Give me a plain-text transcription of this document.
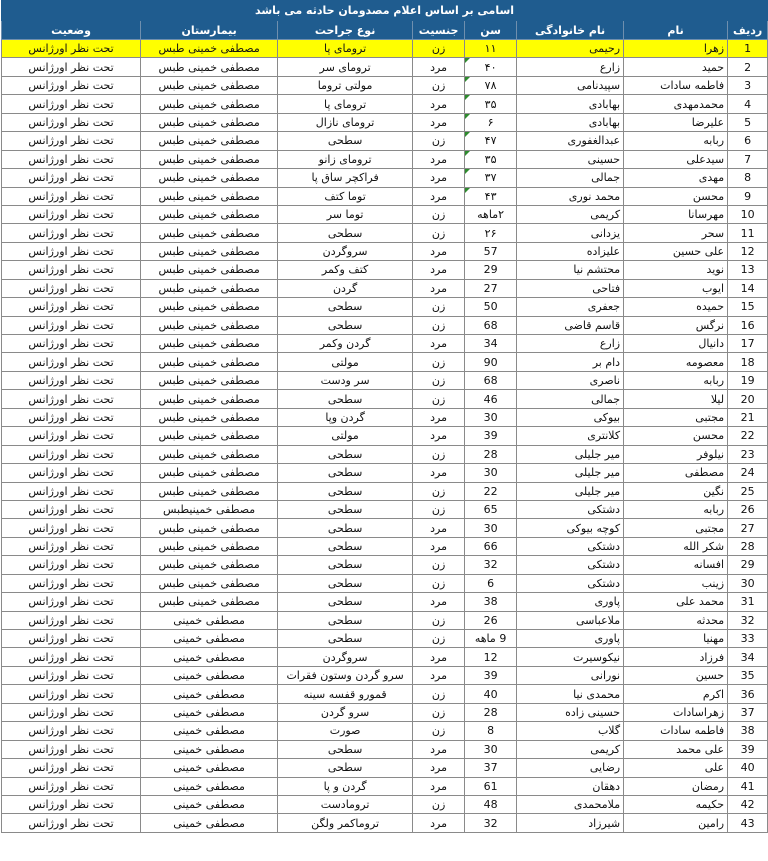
اسامی بر اساس اعلام مصدومان حادثه می باشد							
ردیف	نام	نام خانوادگی	سن	جنسیت	نوع جراحت	بیمارستان	وضعیت
1	زهرا	رحیمی	۱۱	زن	ترومای پا	مصطفی خمینی طبس	تحت نظر اورژانس
2	حمید	زارع	۴۰	مرد	ترومای سر	مصطفی خمینی طبس	تحت نظر اورژانس
3	فاطمه سادات	سپیدنامی	۷۸	زن	مولتی تروما	مصطفی خمینی طبس	تحت نظر اورژانس
4	محمدمهدی	بهابادی	۳۵	مرد	ترومای پا	مصطفی خمینی طبس	تحت نظر اورژانس
5	علیرضا	بهابادی	۶	مرد	ترومای نازال	مصطفی خمینی طبس	تحت نظر اورژانس
6	ربابه	عبدالغفوری	۴۷	زن	سطحی	مصطفی خمینی طبس	تحت نظر اورژانس
7	سیدعلی	حسینی	۳۵	مرد	ترومای زانو	مصطفی خمینی طبس	تحت نظر اورژانس
8	مهدی	جمالی	۳۷	مرد	فراکچر ساق پا	مصطفی خمینی طبس	تحت نظر اورژانس
9	محسن	محمد نوری	۴۳	مرد	توما کتف	مصطفی خمینی طبس	تحت نظر اورژانس
10	مهرسانا	کریمی	۲ماهه	زن	توما سر	مصطفی خمینی طبس	تحت نظر اورژانس
11	سحر	یزدانی	۲۶	زن	سطحی	مصطفی خمینی طبس	تحت نظر اورژانس
12	علی حسین	علیزاده	57	مرد	سروگردن	مصطفی خمینی طبس	تحت نظر اورژانس
13	نوید	محتشم نیا	29	مرد	کتف وکمر	مصطفی خمینی طبس	تحت نظر اورژانس
14	ایوب	فتاحی	27	مرد	گردن	مصطفی خمینی طبس	تحت نظر اورژانس
15	حمیده	جعفری	50	زن	سطحی	مصطفی خمینی طبس	تحت نظر اورژانس
16	نرگس	قاسم قاضی	68	زن	سطحی	مصطفی خمینی طبس	تحت نظر اورژانس
17	دانیال	زارع	34	مرد	گردن وکمر	مصطفی خمینی طبس	تحت نظر اورژانس
18	معصومه	دام بر	90	زن	مولتی	مصطفی خمینی طبس	تحت نظر اورژانس
19	ربابه	ناصری	68	زن	سر ودست	مصطفی خمینی طبس	تحت نظر اورژانس
20	لیلا	جمالی	46	زن	سطحی	مصطفی خمینی طبس	تحت نظر اورژانس
21	مجتبی	بیوکی	30	مرد	گردن وپا	مصطفی خمینی طبس	تحت نظر اورژانس
22	محسن	کلانتری	39	مرد	مولتی	مصطفی خمینی طبس	تحت نظر اورژانس
23	نیلوفر	میر جلیلی	28	زن	سطحی	مصطفی خمینی طبس	تحت نظر اورژانس
24	مصطفی	میر جلیلی	30	مرد	سطحی	مصطفی خمینی طبس	تحت نظر اورژانس
25	نگین	میر جلیلی	22	زن	سطحی	مصطفی خمینی طبس	تحت نظر اورژانس
26	ربابه	دشتکی	65	زن	سطحی	مصطفی خمینیطبس	تحت نظر اورژانس
27	مجتبی	کوچه بیوکی	30	مرد	سطحی	مصطفی خمینی طبس	تحت نظر اورژانس
28	شکر الله	دشتکی	66	مرد	سطحی	مصطفی خمینی طبس	تحت نظر اورژانس
29	افسانه	دشتکی	32	زن	سطحی	مصطفی خمینی طبس	تحت نظر اورژانس
30	زینب	دشتکی	6	زن	سطحی	مصطفی خمینی طبس	تحت نظر اورژانس
31	محمد علی	پاوری	38	مرد	سطحی	مصطفی خمینی طبس	تحت نظر اورژانس
32	محدثه	ملاعباسی	26	زن	سطحی	مصطفی خمینی	تحت نظر اورژانس
33	مهنیا	پاوری	9 ماهه	زن	سطحی	مصطفی خمینی	تحت نظر اورژانس
34	فرزاد	نیکوسیرت	12	مرد	سروگردن	مصطفی خمینی	تحت نظر اورژانس
35	حسین	نورانی	39	مرد	سرو گردن وستون فقرات	مصطفی خمینی	تحت نظر اورژانس
36	اکرم	محمدی نیا	40	زن	قمورو قفسه سینه	مصطفی خمینی	تحت نظر اورژانس
37	زهراسادات	حسینی زاده	28	زن	سرو گردن	مصطفی خمینی	تحت نظر اورژانس
38	فاطمه سادات	گلاب	8	زن	صورت	مصطفی خمینی	تحت نظر اورژانس
39	علی محمد	کریمی	30	مرد	سطحی	مصطفی خمینی	تحت نظر اورژانس
40	علی	رضایی	37	مرد	سطحی	مصطفی خمینی	تحت نظر اورژانس
41	رمضان	دهقان	61	مرد	گردن و پا	مصطفی خمینی	تحت نظر اورژانس
42	حکیمه	ملامحمدی	48	زن	ترومادست	مصطفی خمینی	تحت نظر اورژانس
43	رامین	شیرزاد	32	مرد	تروماکمر ولگن	مصطفی خمینی	تحت نظر اورژانس
